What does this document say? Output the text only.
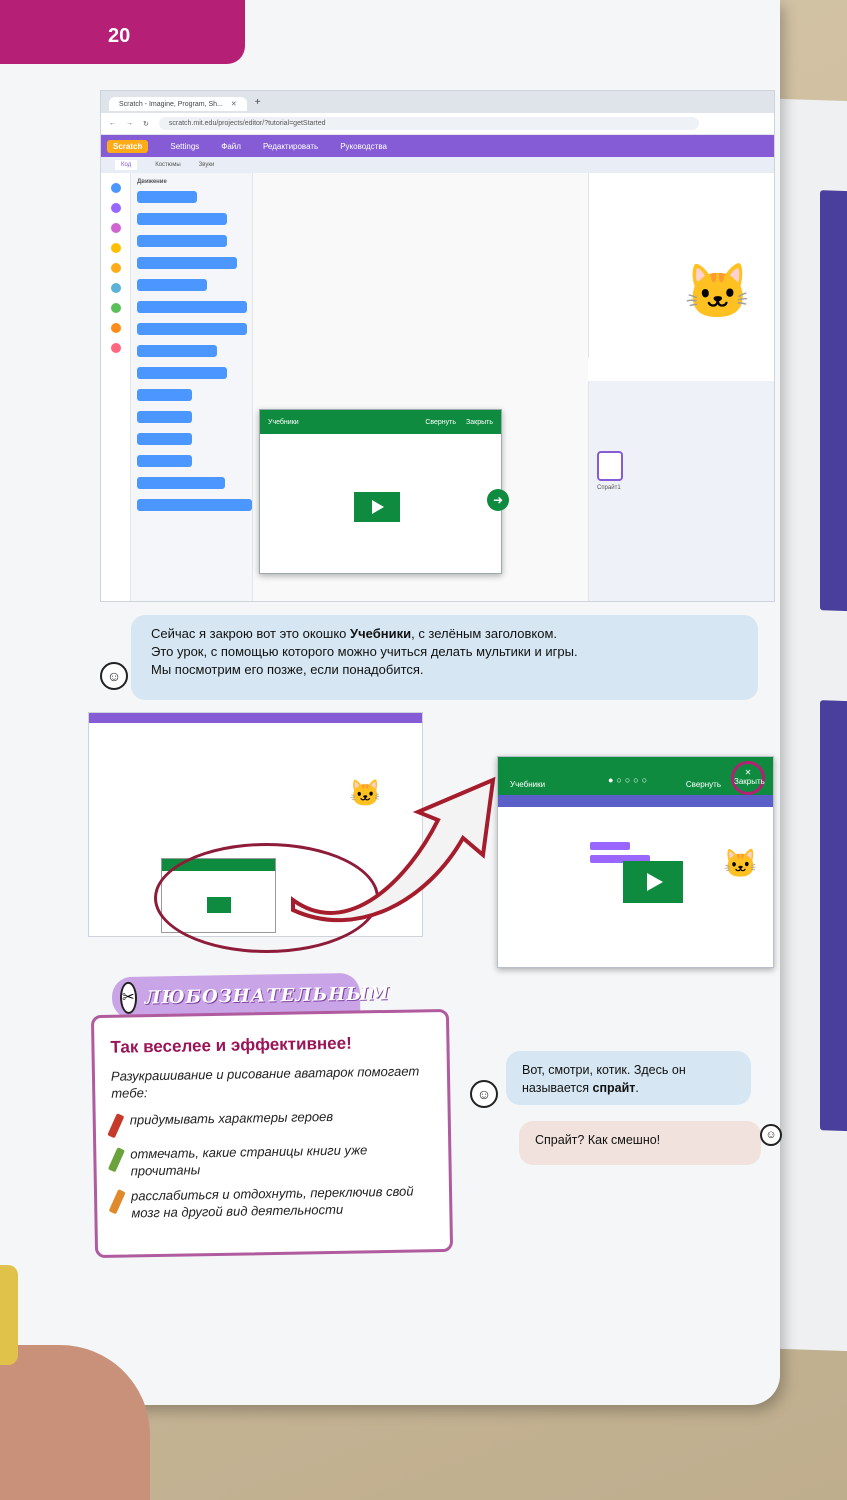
20
Scratch - Imagine, Program, Sh... ✕ +
← → ↻	scratch.mit.edu/projects/editor/?tutorial=getStarted
Scratch	Settings	Файл	Редактировать	Руководства
Код	Костюмы	Звуки
Движение
🐱
Спрайт1
Учебники	Свернуть Закрыть
➜
☺
Сейчас я закрою вот это окошко Учебники, с зелёным заголовком.
Это урок, с помощью которого можно учиться делать мультики и игры.
Мы посмотрим его позже, если понадобится.
🐱	Учебники	Свернуть
●○○○○
✕
Закрыть
🐱
✂ ЛЮБОЗНАТЕЛЬНЫМ
Так веселее и эффективнее!
Разукрашивание и рисование аватарок помогает тебе:
придумывать характеры героев
отмечать, какие страницы книги уже прочитаны
расслабиться и отдохнуть, переключив свой мозг на другой вид деятельности
☺
Вот, смотри, котик. Здесь он
называется спрайт.
Спрайт? Как смешно!	☺
